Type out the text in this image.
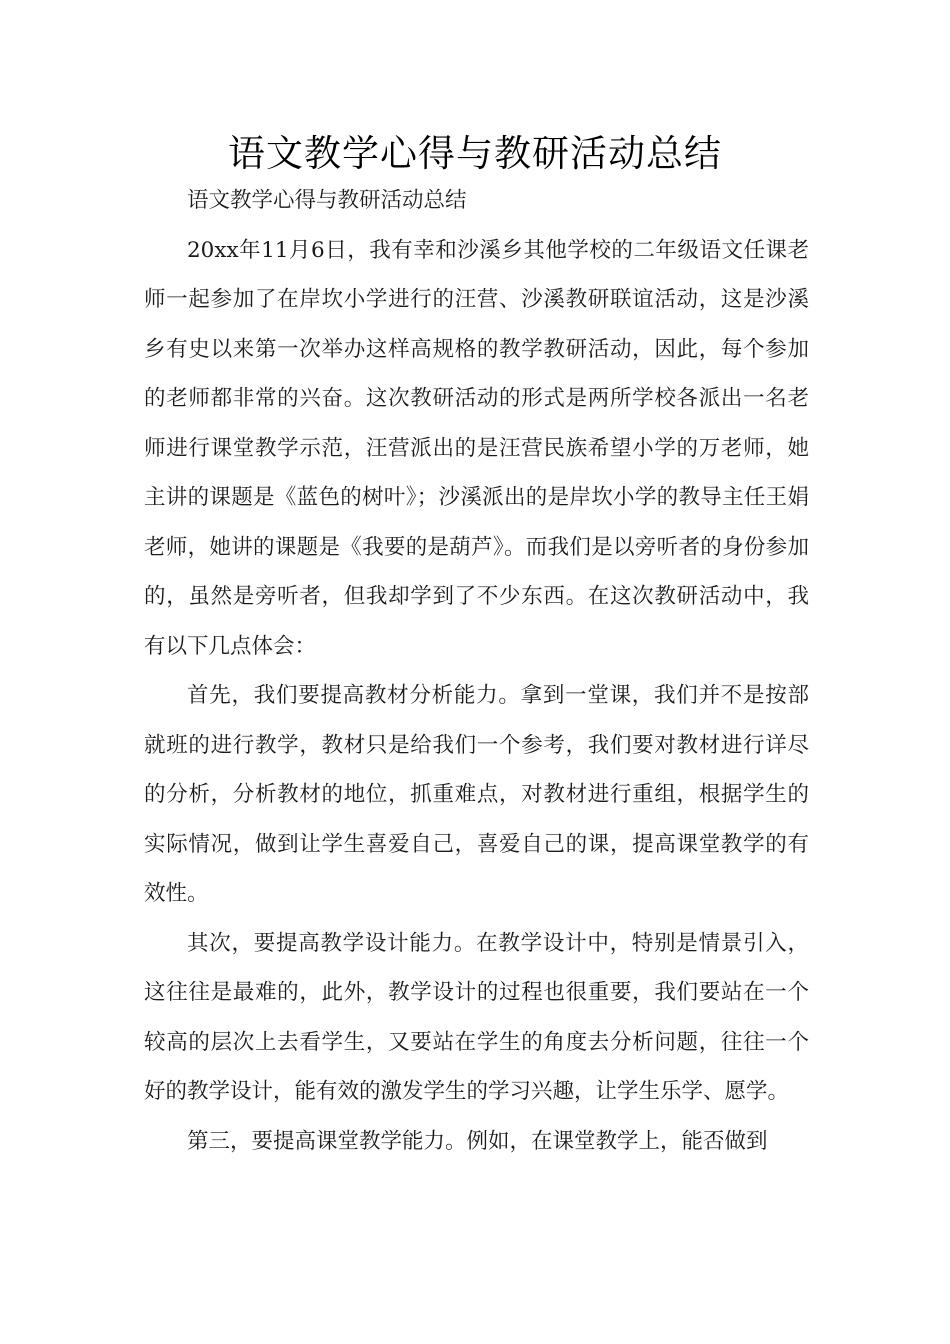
语文教学心得与教研活动总结

语文教学心得与教研活动总结

20xx年11月6日，我有幸和沙溪乡其他学校的二年级语文任课老师一起参加了在岸坎小学进行的汪营、沙溪教研联谊活动，这是沙溪乡有史以来第一次举办这样高规格的教学教研活动，因此，每个参加的老师都非常的兴奋。这次教研活动的形式是两所学校各派出一名老师进行课堂教学示范，汪营派出的是汪营民族希望小学的万老师，她主讲的课题是《蓝色的树叶》；沙溪派出的是岸坎小学的教导主任王娟老师，她讲的课题是《我要的是葫芦》。而我们是以旁听者的身份参加的，虽然是旁听者，但我却学到了不少东西。在这次教研活动中，我有以下几点体会：

首先，我们要提高教材分析能力。拿到一堂课，我们并不是按部就班的进行教学，教材只是给我们一个参考，我们要对教材进行详尽的分析，分析教材的地位，抓重难点，对教材进行重组，根据学生的实际情况，做到让学生喜爱自己，喜爱自己的课，提高课堂教学的有效性。

其次，要提高教学设计能力。在教学设计中，特别是情景引入，这往往是最难的，此外，教学设计的过程也很重要，我们要站在一个较高的层次上去看学生，又要站在学生的角度去分析问题，往往一个好的教学设计，能有效的激发学生的学习兴趣，让学生乐学、愿学。

第三，要提高课堂教学能力。例如，在课堂教学上，能否做到
